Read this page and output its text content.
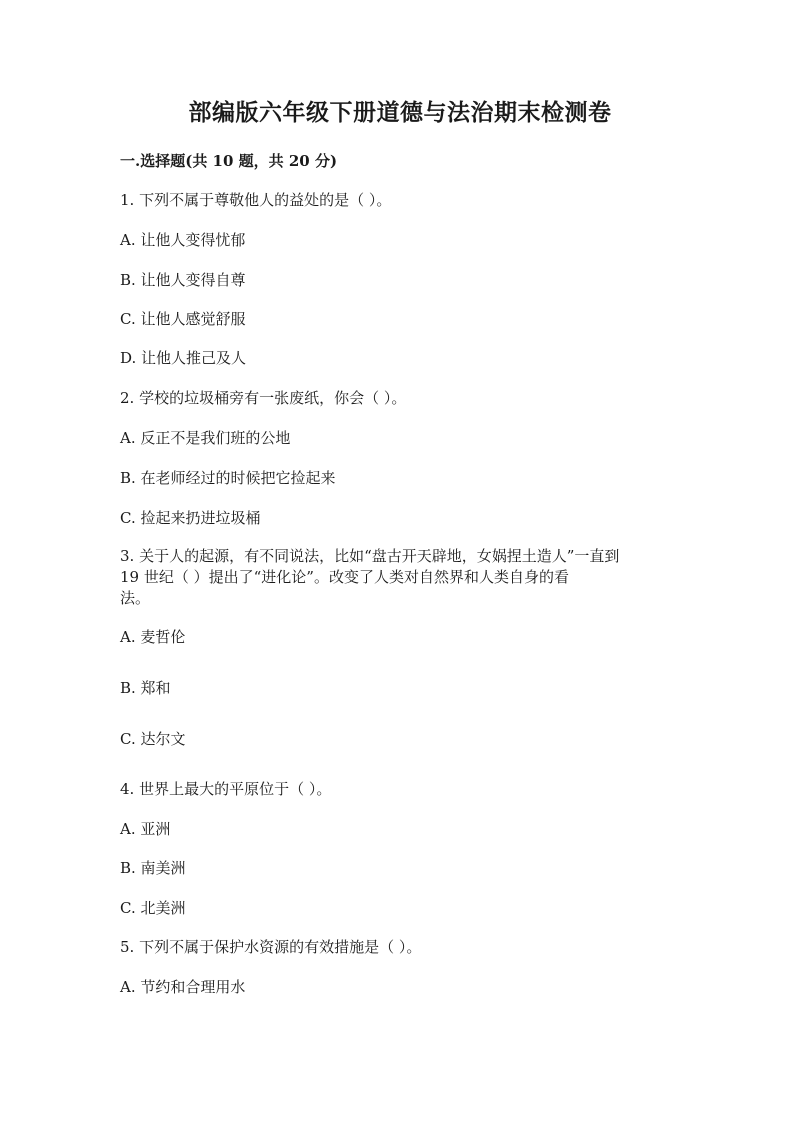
部编版六年级下册道德与法治期末检测卷
一.选择题(共 10 题，共 20 分)
1. 下列不属于尊敬他人的益处的是（ ）。
A. 让他人变得忧郁
B. 让他人变得自尊
C. 让他人感觉舒服
D. 让他人推己及人
2. 学校的垃圾桶旁有一张废纸，你会（ ）。
A. 反正不是我们班的公地
B. 在老师经过的时候把它捡起来
C. 捡起来扔进垃圾桶
3. 关于人的起源，有不同说法，比如“盘古开天辟地，女娲捏土造人”一直到
19 世纪（ ）提出了“进化论”。改变了人类对自然界和人类自身的看
法。
A. 麦哲伦
B. 郑和
C. 达尔文
4. 世界上最大的平原位于（ ）。
A. 亚洲
B. 南美洲
C. 北美洲
5. 下列不属于保护水资源的有效措施是（ ）。
A. 节约和合理用水
